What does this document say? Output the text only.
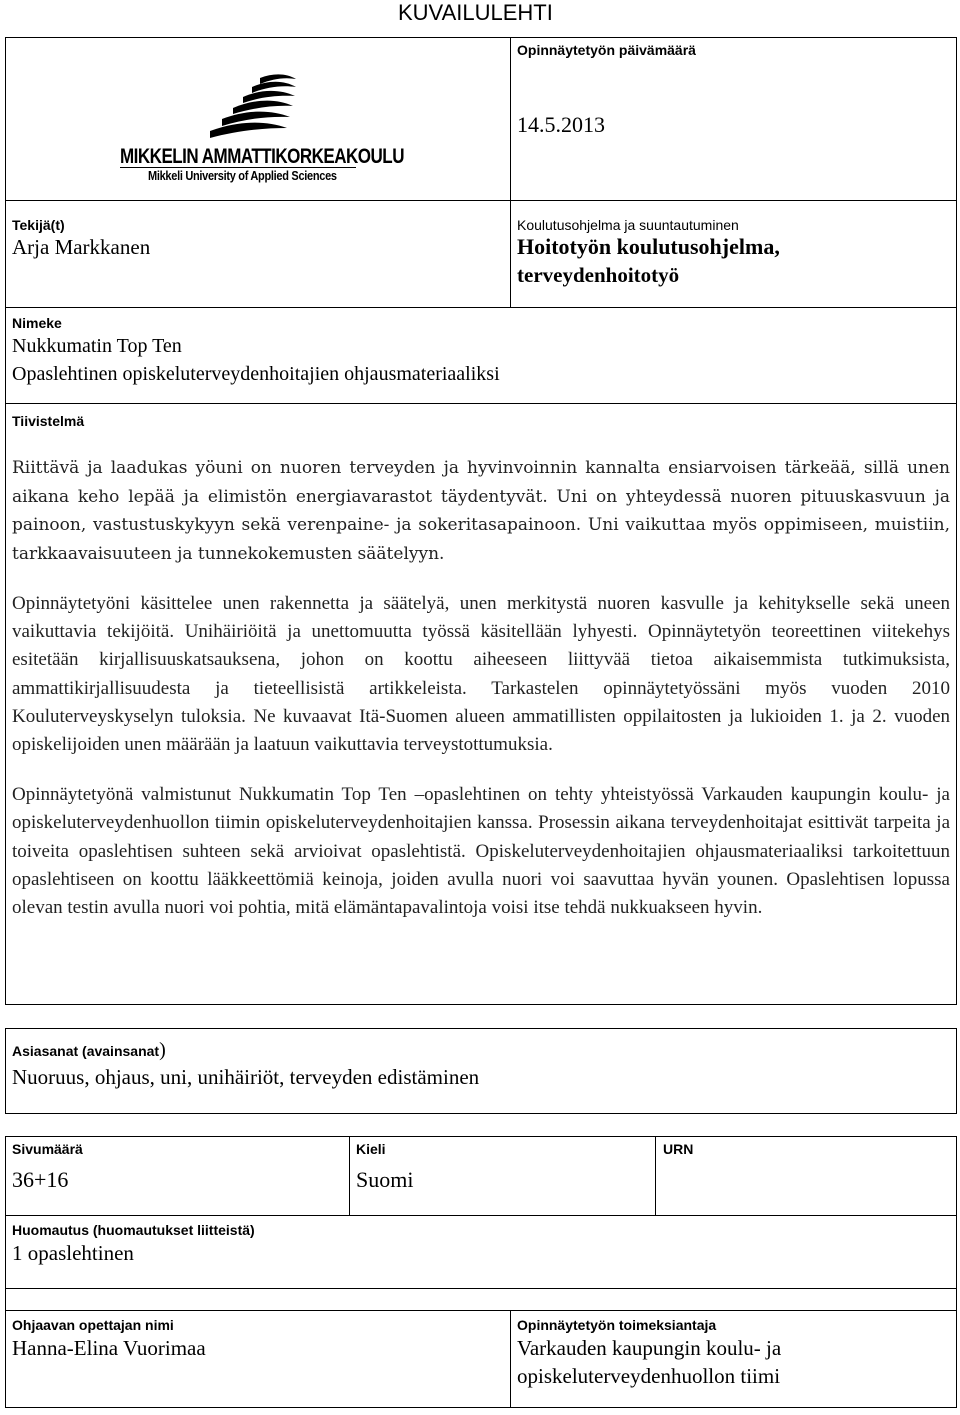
KUVAILULEHTI
MIKKELIN AMMATTIKORKEAKOULU
Mikkeli University of Applied Sciences
Opinnäytetyön päivämäärä
14.5.2013
Tekijä(t)
Arja Markkanen
Koulutusohjelma ja suuntautuminen
Hoitotyön koulutusohjelma,
terveydenhoitotyö
Nimeke
Nukkumatin Top Ten
Opaslehtinen opiskeluterveydenhoitajien ohjausmateriaaliksi
Tiivistelmä

Riittävä ja laadukas yöuni on nuoren terveyden ja hyvinvoinnin kannalta ensiarvoisen tärkeää, sillä unen aikana keho lepää ja elimistön energiavarastot täydentyvät. Uni on yhteydessä nuoren pituuskasvuun ja painoon, vastustuskykyyn sekä verenpaine- ja sokeritasapainoon. Uni vaikuttaa myös oppimiseen, muistiin, tarkkaavaisuuteen ja tunnekokemusten säätelyyn.

Opinnäytetyöni käsittelee unen rakennetta ja säätelyä, unen merkitystä nuoren kasvulle ja kehitykselle sekä uneen vaikuttavia tekijöitä. Unihäiriöitä ja unettomuutta työssä käsitellään lyhyesti. Opinnäytetyön teoreettinen viitekehys esitetään kirjallisuuskatsauksena, johon on koottu aiheeseen liittyvää tietoa aikaisemmista tutkimuksista, ammattikirjallisuudesta ja tieteellisistä artikkeleista. Tarkastelen opinnäytetyössäni myös vuoden 2010 Kouluterveyskyselyn tuloksia. Ne kuvaavat Itä-Suomen alueen ammatillisten oppilaitosten ja lukioiden 1. ja 2. vuoden opiskelijoiden unen määrään ja laatuun vaikuttavia terveystottumuksia.

Opinnäytetyönä valmistunut Nukkumatin Top Ten –opaslehtinen on tehty yhteistyössä Varkauden kaupungin koulu- ja opiskeluterveydenhuollon tiimin opiskeluterveydenhoitajien kanssa. Prosessin aikana terveydenhoitajat esittivät tarpeita ja toiveita opaslehtisen suhteen sekä arvioivat opaslehtistä. Opiskeluterveydenhoitajien ohjausmateriaaliksi tarkoitettuun opaslehtiseen on koottu lääkkeettömiä keinoja, joiden avulla nuori voi saavuttaa hyvän younen. Opaslehtisen lopussa olevan testin avulla nuori voi pohtia, mitä elämäntapavalintoja voisi itse tehdä nukkuakseen hyvin.

Asiasanat (avainsanat)
Nuoruus, ohjaus, uni, unihäiriöt, terveyden edistäminen
Sivumäärä
36+16
Kieli
Suomi
URN
Huomautus (huomautukset liitteistä)
1 opaslehtinen
Ohjaavan opettajan nimi
Hanna-Elina Vuorimaa
Opinnäytetyön toimeksiantaja
Varkauden kaupungin koulu- ja
opiskeluterveydenhuollon tiimi
